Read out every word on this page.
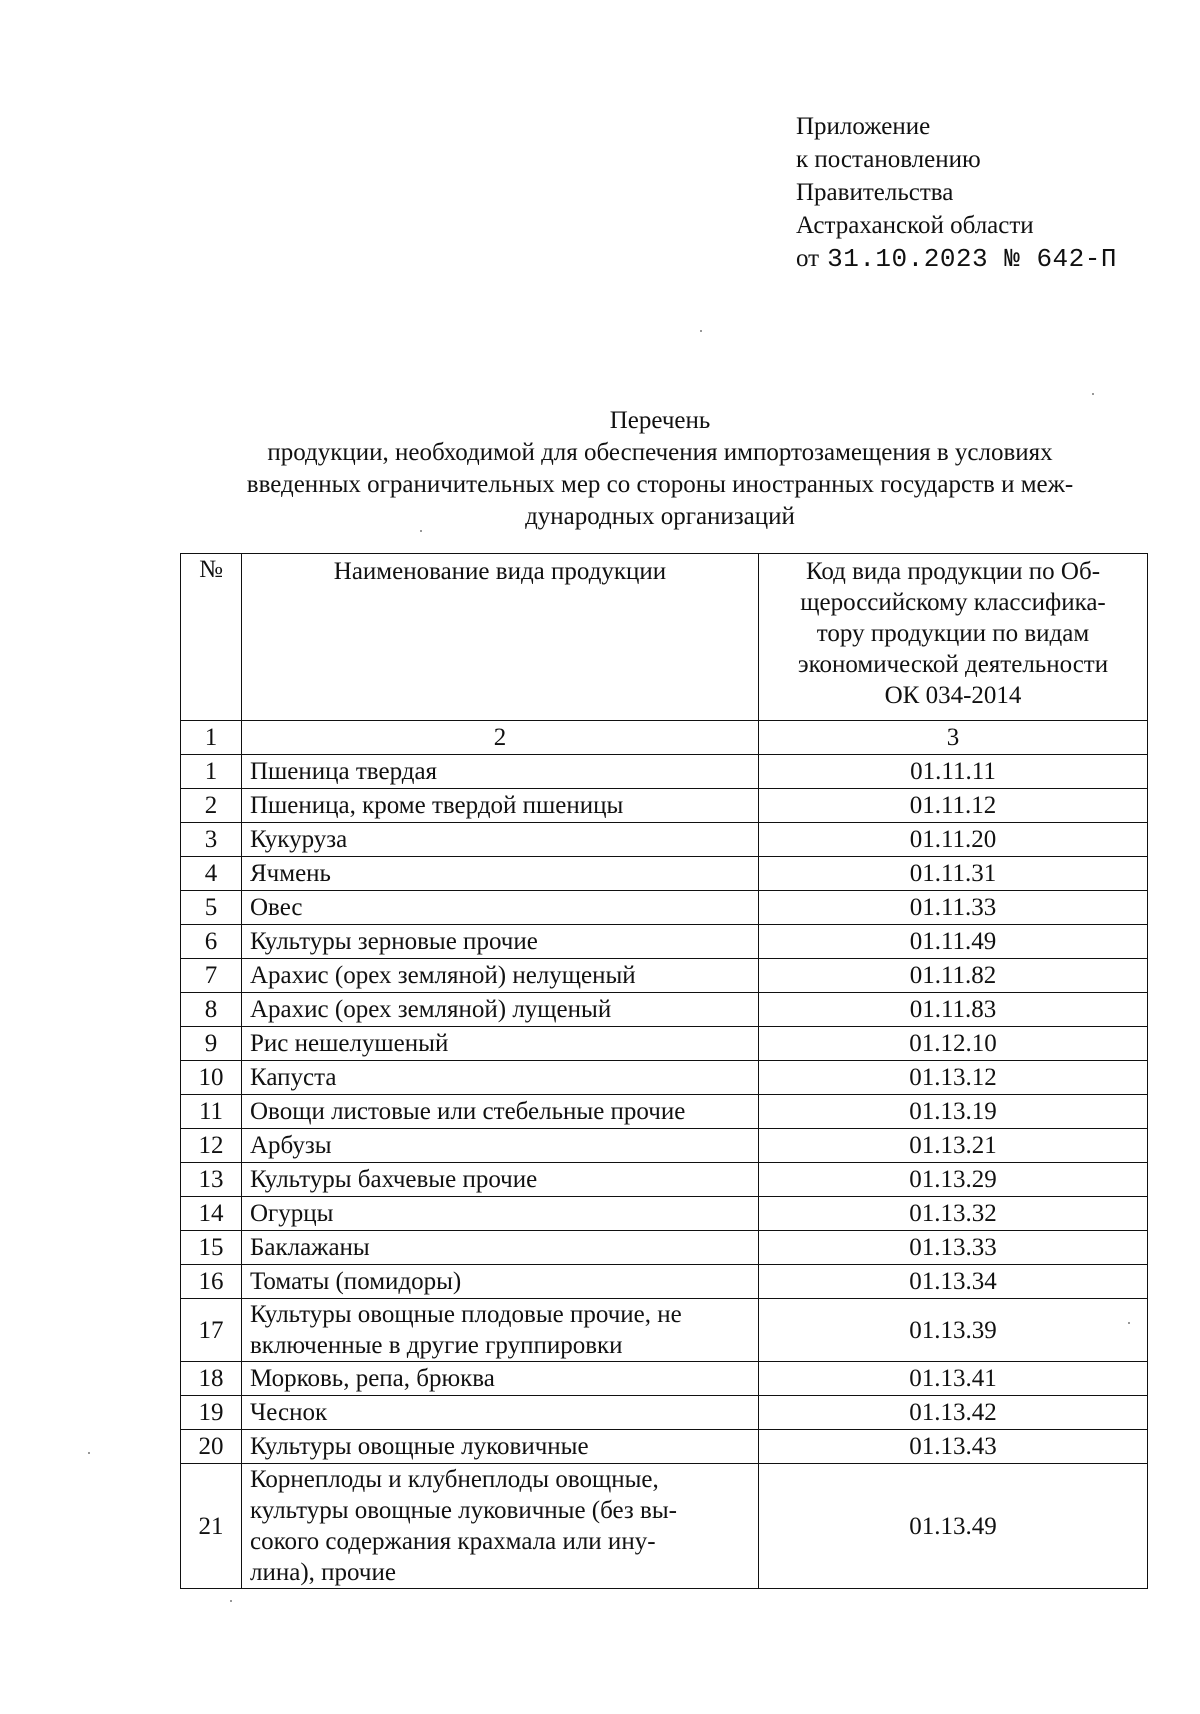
Приложение
к постановлению
Правительства
Астраханской области
от 31.10.2023 № 642-П
Перечень
продукции, необходимой для обеспечения импортозамещения в условиях
введенных ограничительных мер со стороны иностранных государств и меж-
дународных организаций
№	Наименование вида продукции	Код вида продукции по Об-
щероссийскому классифика-
тору продукции по видам
экономической деятельности
ОК 034-2014

1	2	3
1	Пшеница твердая	01.11.11
2	Пшеница, кроме твердой пшеницы	01.11.12
3	Кукуруза	01.11.20
4	Ячмень	01.11.31
5	Овес	01.11.33
6	Культуры зерновые прочие	01.11.49
7	Арахис (орех земляной) нелущеный	01.11.82
8	Арахис (орех земляной) лущеный	01.11.83
9	Рис нешелушеный	01.12.10
10	Капуста	01.13.12
11	Овощи листовые или стебельные прочие	01.13.19
12	Арбузы	01.13.21
13	Культуры бахчевые прочие	01.13.29
14	Огурцы	01.13.32
15	Баклажаны	01.13.33
16	Томаты (помидоры)	01.13.34
17	Культуры овощные плодовые прочие, не
включенные в другие группировки	01.13.39
18	Морковь, репа, брюква	01.13.41
19	Чеснок	01.13.42
20	Культуры овощные луковичные	01.13.43
21	Корнеплоды и клубнеплоды овощные,
культуры овощные луковичные (без вы-
сокого содержания крахмала или ину-
лина), прочие	01.13.49
